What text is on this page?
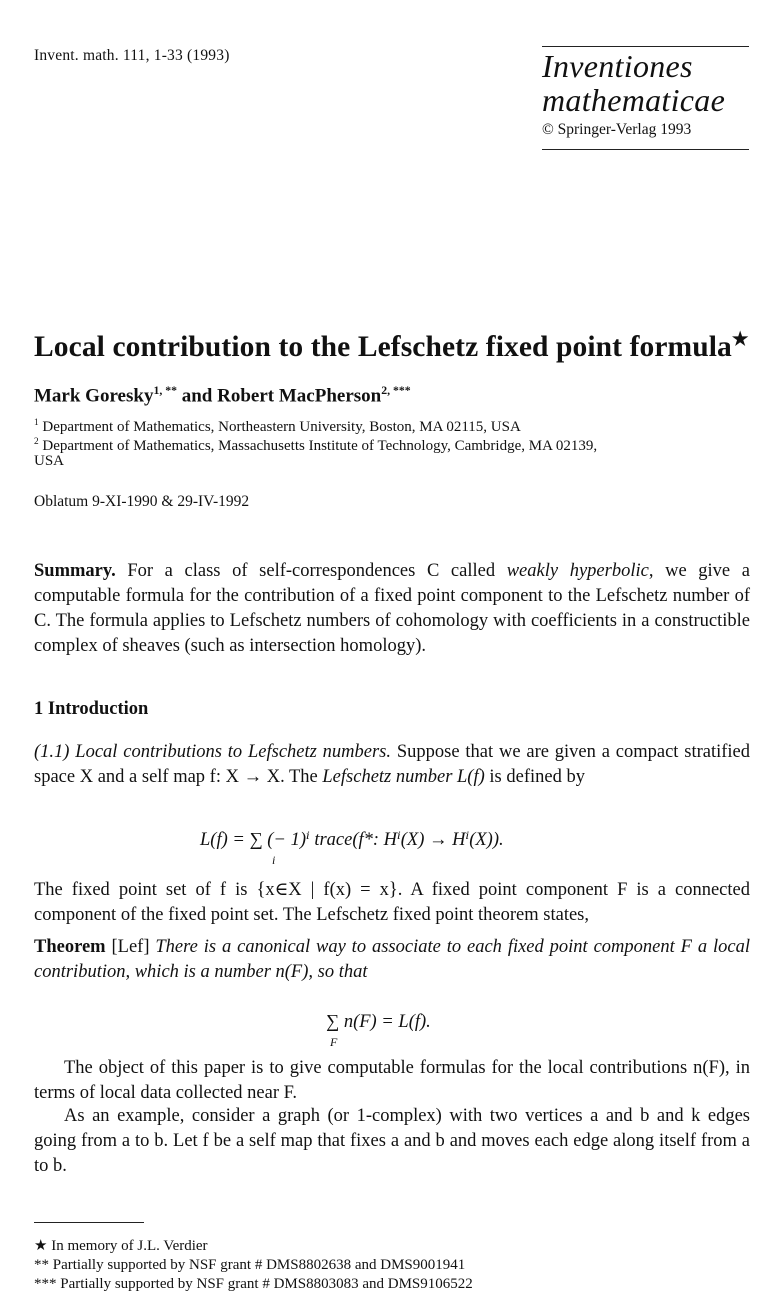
Invent. math. 111, 1-33 (1993)	Inventiones
mathematicae
© Springer-Verlag 1993
Local contribution to the Lefschetz fixed point formula★
Mark Goresky$^{1, **}$ and Robert MacPherson$^{2, ***}$
$^1$ Department of Mathematics, Northeastern University, Boston, MA 02115, USA
$^2$ Department of Mathematics, Massachusetts Institute of Technology, Cambridge, MA 02139,
USA
Oblatum 9-XI-1990 & 29-IV-1992
Summary. For a class of self-correspondences C called weakly hyperbolic, we give a computable formula for the contribution of a fixed point component to the Lefschetz number of C. The formula applies to Lefschetz numbers of cohomology with coefficients in a constructible complex of sheaves (such as intersection homology).
1 Introduction
(1.1) Local contributions to Lefschetz numbers. Suppose that we are given a compact stratified space X and a self map f: X → X. The Lefschetz number L(f) is defined by
L(f) = ∑ (− 1)ⁱ trace(f*: Hⁱ(X) → Hⁱ(X)).
i
The fixed point set of f is {x∈X | f(x) = x}. A fixed point component F is a connected component of the fixed point set. The Lefschetz fixed point theorem states,
Theorem [Lef] There is a canonical way to associate to each fixed point component F a local contribution, which is a number n(F), so that
∑ n(F) = L(f).
F
The object of this paper is to give computable formulas for the local contributions n(F), in terms of local data collected near F.
As an example, consider a graph (or 1-complex) with two vertices a and b and k edges going from a to b. Let f be a self map that fixes a and b and moves each edge along itself from a to b.
★ In memory of J.L. Verdier
** Partially supported by NSF grant # DMS8802638 and DMS9001941
*** Partially supported by NSF grant # DMS8803083 and DMS9106522
